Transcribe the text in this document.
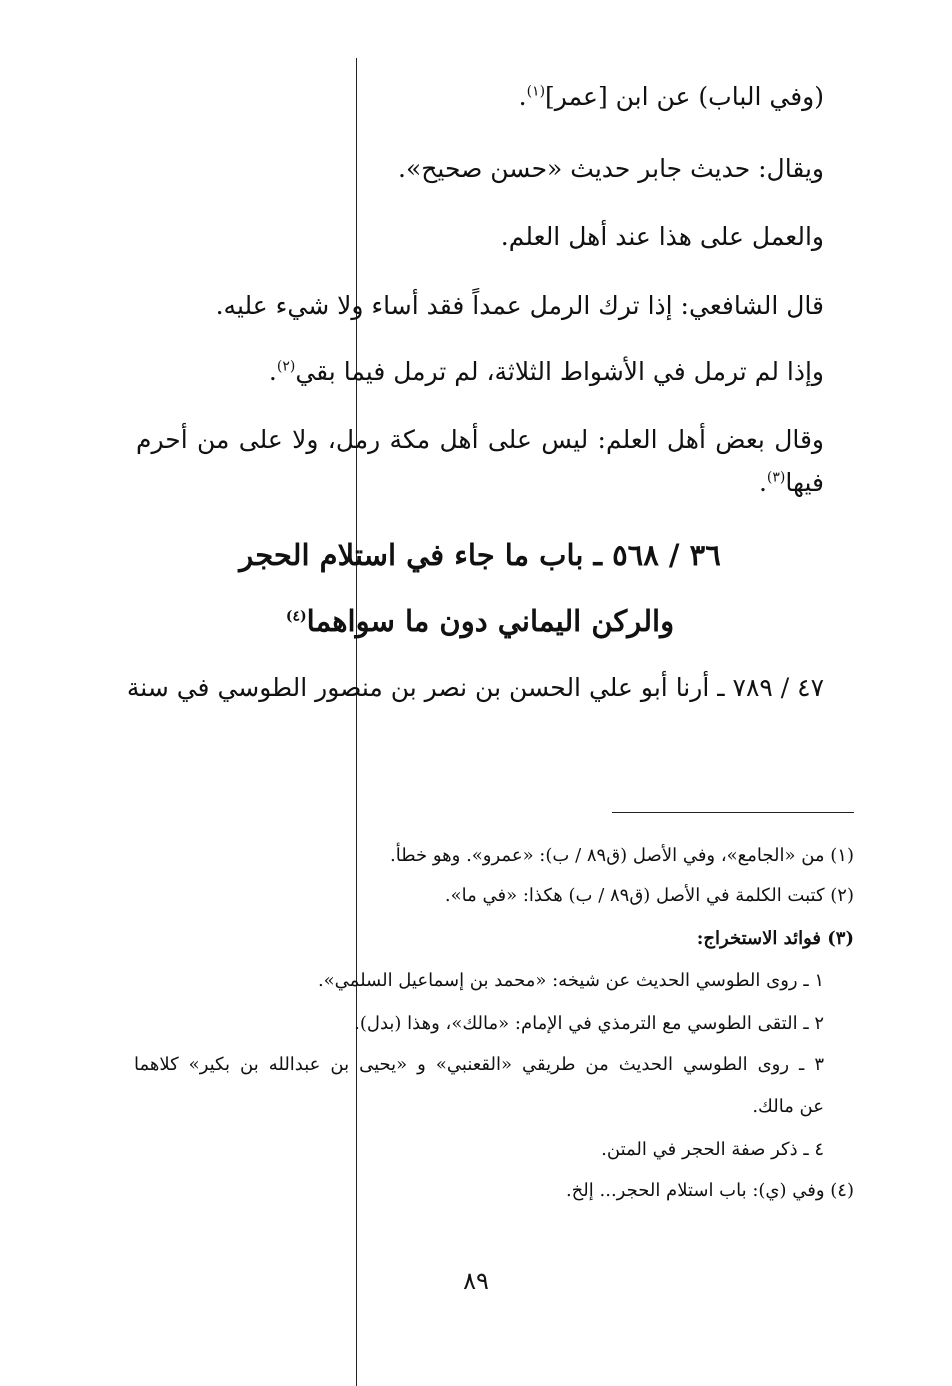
(وفي الباب) عن ابن [عمر]$^{(١)}$.
ويقال: حديث جابر حديث «حسن صحيح».
والعمل على هذا عند أهل العلم.
قال الشافعي: إذا ترك الرمل عمداً فقد أساء ولا شيء عليه.
وإذا لم ترمل في الأشواط الثلاثة، لم ترمل فيما بقي$^{(٢)}$.
وقال بعض أهل العلم: ليس على أهل مكة رمل، ولا على من أحرم
فيها$^{(٣)}$.
٣٦ / ٥٦٨ ـ باب ما جاء في استلام الحجر
والركن اليماني دون ما سواهما$^{(٤)}$
٤٧ / ٧٨٩ ـ أرنا أبو علي الحسن بن نصر بن منصور الطوسي في سنة
(١) من «الجامع»، وفي الأصل (ق٨٩ / ب): «عمرو». وهو خطأ.
(٢) كتبت الكلمة في الأصل (ق٨٩ / ب) هكذا: «في ما».
(٣) فوائد الاستخراج:
١ ـ روى الطوسي الحديث عن شيخه: «محمد بن إسماعيل السلمي».
٢ ـ التقى الطوسي مع الترمذي في الإمام: «مالك»، وهذا (بدل).
٣ ـ روى الطوسي الحديث من طريقي «القعنبي» و «يحيى بن عبدالله بن بكير» كلاهما
عن مالك.
٤ ـ ذكر صفة الحجر في المتن.
(٤) وفي (ي): باب استلام الحجر... إلخ.
٨٩
